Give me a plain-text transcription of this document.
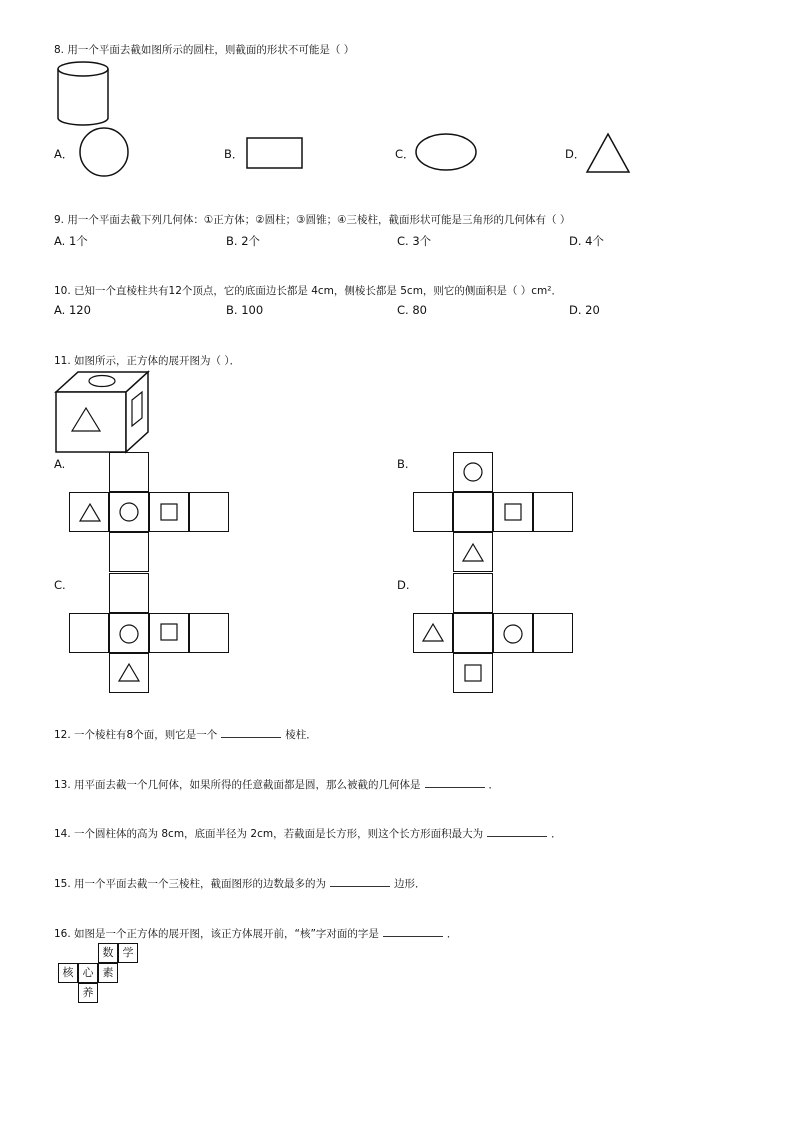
8. 用一个平面去截如图所示的圆柱，则截面的形状不可能是（ ）
A．	B．	C．	D．
9. 用一个平面去截下列几何体：①正方体；②圆柱；③圆锥；④三棱柱，截面形状可能是三角形的几何体有（ ）
A. 1个	B. 2个	C. 3个	D. 4个
10. 已知一个直棱柱共有12个顶点，它的底面边长都是 4cm，侧棱长都是 5cm，则它的侧面积是（ ）cm²．
A. 120	B. 100	C. 80	D. 20
11. 如图所示，正方体的展开图为（ ）．
A.	B.
C.	D.
12. 一个棱柱有8个面，则它是一个	棱柱．
13. 用平面去截一个几何体，如果所得的任意截面都是圆，那么被截的几何体是	．
14. 一个圆柱体的高为 8cm，底面半径为 2cm，若截面是长方形，则这个长方形面积最大为	．
15. 用一个平面去截一个三棱柱，截面图形的边数最多的为	边形．
16. 如图是一个正方体的展开图，该正方体展开前，“核”字对面的字是	．
数 学
核 心 素
养
